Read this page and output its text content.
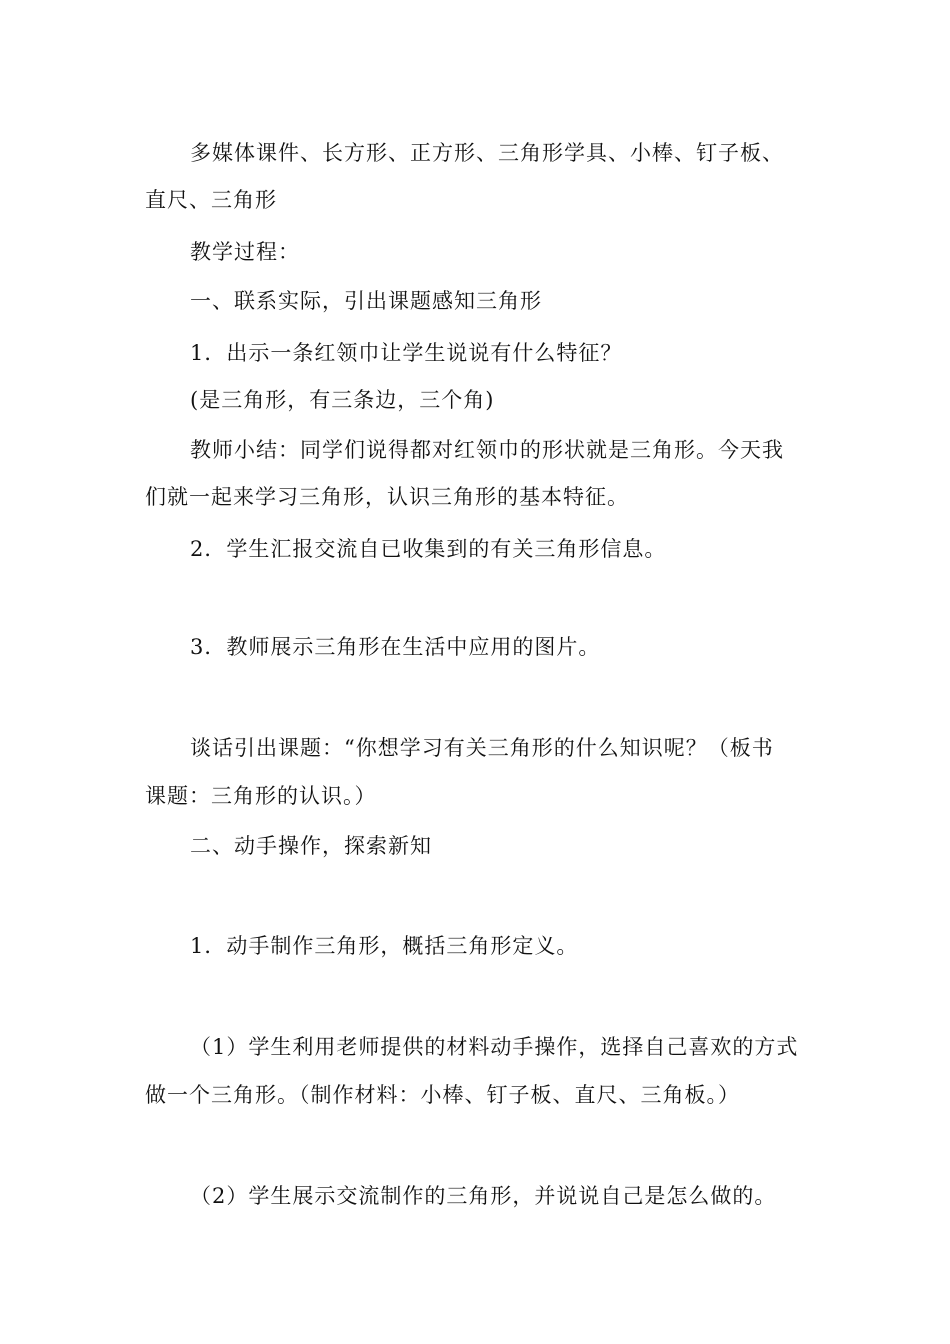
多媒体课件、长方形、正方形、三角形学具、小棒、钉子板、
直尺、三角形
教学过程：
一、联系实际，引出课题感知三角形
1．出示一条红领巾让学生说说有什么特征？
(是三角形，有三条边，三个角)
教师小结：同学们说得都对红领巾的形状就是三角形。今天我
们就一起来学习三角形，认识三角形的基本特征。
2．学生汇报交流自已收集到的有关三角形信息。
3．教师展示三角形在生活中应用的图片。
谈话引出课题：“你想学习有关三角形的什么知识呢？（板书
课题：三角形的认识。）
二、动手操作，探索新知
1．动手制作三角形，概括三角形定义。
（1）学生利用老师提供的材料动手操作，选择自己喜欢的方式
做一个三角形。（制作材料：小棒、钉子板、直尺、三角板。）
（2）学生展示交流制作的三角形，并说说自己是怎么做的。
